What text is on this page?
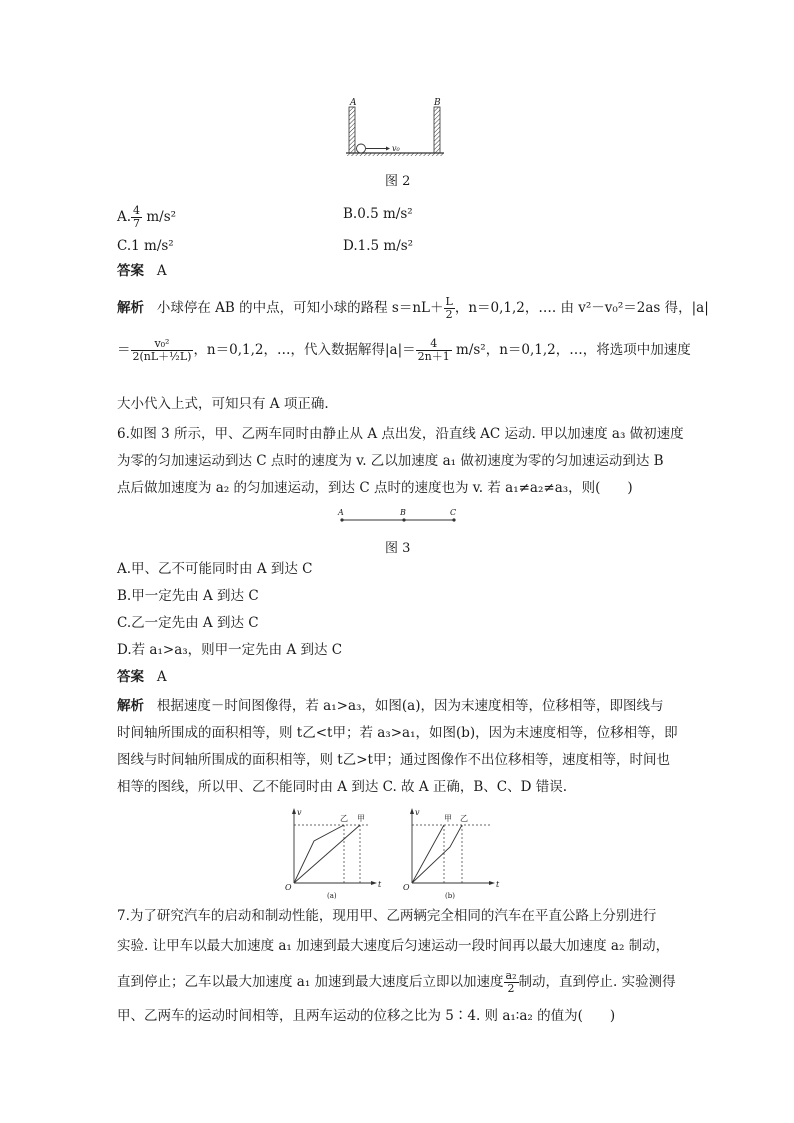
A	B
v₀
图 2
A. $\frac{4}{7} m/s^2$	B.0.5 m/s²
C.1 m/s²	D.1.5 m/s²
答案 A
解析 小球停在 AB 的中点，可知小球的路程 $s=nL+ \frac{L}{2}$ ，n＝0,1,2，…. 由 v²－v₀²＝2as 得，|a|
＝ $\frac{\text{v₀²}}{\text{2(nL＋½L)}}$ ，n＝0,1,2，…，代入数据解得$|a|= \frac{4}{2n+1} m/s^2$，n＝0,1,2，…，将选项中加速度
大小代入上式，可知只有 A 项正确.
6.如图 3 所示，甲、乙两车同时由静止从 A 点出发，沿直线 AC 运动. 甲以加速度 a₃ 做初速度
为零的匀加速运动到达 C 点时的速度为 v. 乙以加速度 a₁ 做初速度为零的匀加速运动到达 B
点后做加速度为 a₂ 的匀加速运动，到达 C 点时的速度也为 v. 若 a₁≠a₂≠a₃，则(　　)
A	B	C
图 3
A.甲、乙不可能同时由 A 到达 C
B.甲一定先由 A 到达 C
C.乙一定先由 A 到达 C
D.若 a₁>a₃，则甲一定先由 A 到达 C
答案 A
解析 根据速度－时间图像得，若 a₁>a₃，如图(a)，因为末速度相等，位移相等，即图线与
时间轴所围成的面积相等，则 t乙<t甲；若 a₃>a₁，如图(b)，因为末速度相等，位移相等，即
图线与时间轴所围成的面积相等，则 t乙>t甲；通过图像作不出位移相等，速度相等，时间也
相等的图线，所以甲、乙不能同时由 A 到达 C. 故 A 正确，B、C、D 错误.
v
t
O
乙 甲
(a)
v
t
O
甲 乙
(b)
7.为了研究汽车的启动和制动性能，现用甲、乙两辆完全相同的汽车在平直公路上分别进行
实验. 让甲车以最大加速度 a₁ 加速到最大速度后匀速运动一段时间再以最大加速度 a₂ 制动，
直到停止；乙车以最大加速度 a₁ 加速到最大速度后立即以加速度 $\frac{\text{a₂}}{2}$ 制动，直到停止. 实验测得
甲、乙两车的运动时间相等，且两车运动的位移之比为 5∶4. 则 a₁∶a₂ 的值为(　　)
